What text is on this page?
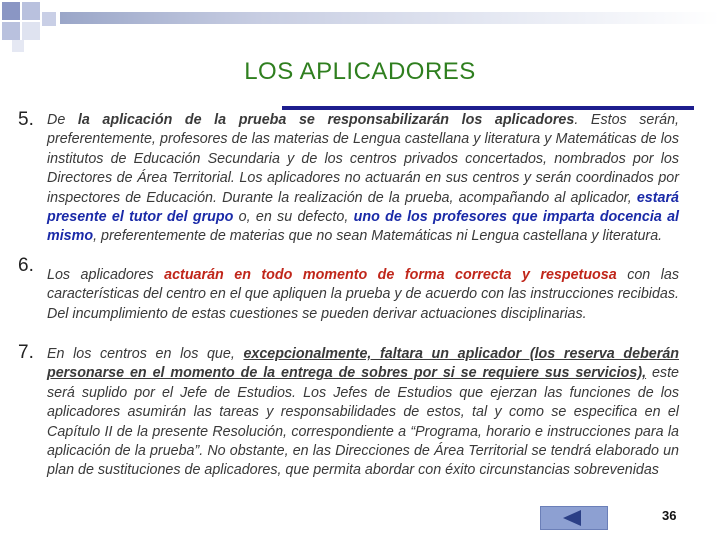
LOS APLICADORES
5. De la aplicación de la prueba se responsabilizarán los aplicadores. Estos serán, preferentemente, profesores de las materias de Lengua castellana y literatura y Matemáticas de los institutos de Educación Secundaria y de los centros privados concertados, nombrados por los Directores de Área Territorial. Los aplicadores no actuarán en sus centros y serán coordinados por inspectores de Educación. Durante la realización de la prueba, acompañando al aplicador, estará presente el tutor del grupo o, en su defecto, uno de los profesores que imparta docencia al mismo, preferentemente de materias que no sean Matemáticas ni Lengua castellana y literatura.
6. Los aplicadores actuarán en todo momento de forma correcta y respetuosa con las características del centro en el que apliquen la prueba y de acuerdo con las instrucciones recibidas. Del incumplimiento de estas cuestiones se pueden derivar actuaciones disciplinarias.
7. En los centros en los que, excepcionalmente, faltara un aplicador (los reserva deberán personarse en el momento de la entrega de sobres por si se requiere sus servicios), este será suplido por el Jefe de Estudios. Los Jefes de Estudios que ejerzan las funciones de los aplicadores asumirán las tareas y responsabilidades de estos, tal y como se especifica en el Capítulo II de la presente Resolución, correspondiente a “Programa, horario e instrucciones para la aplicación de la prueba”. No obstante, en las Direcciones de Área Territorial se tendrá elaborado un plan de sustituciones de aplicadores, que permita abordar con éxito circunstancias sobrevenidas
36
